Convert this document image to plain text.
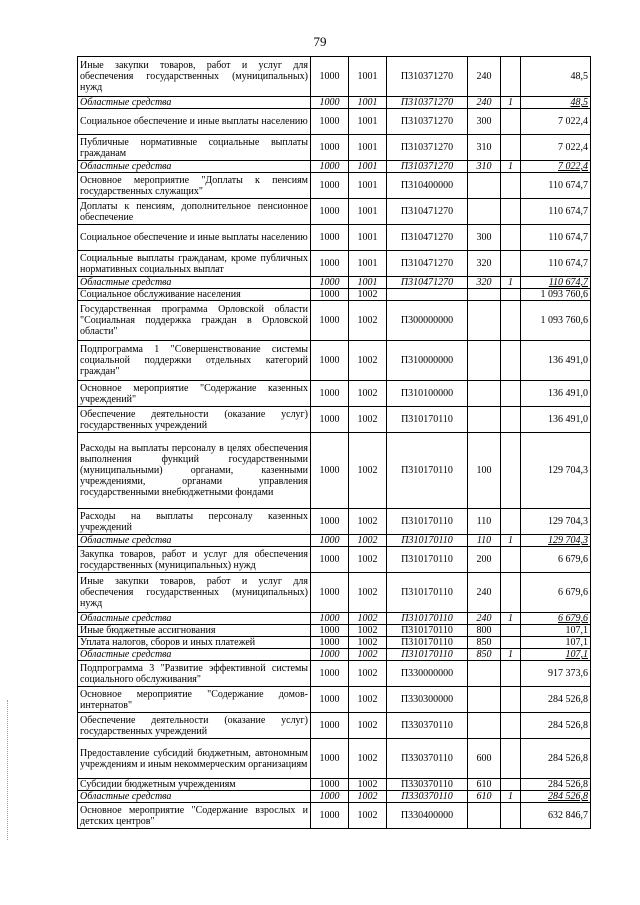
79
Иные закупки товаров, работ и услуг для обеспечения государственных (муниципальных) нужд	1000	1001	П310371270	240		48,5
Областные средства	1000	1001	П310371270	240	1	48,5
Социальное обеспечение и иные выплаты населению	1000	1001	П310371270	300		7 022,4
Публичные нормативные социальные выплаты гражданам	1000	1001	П310371270	310		7 022,4
Областные средства	1000	1001	П310371270	310	1	7 022,4
Основное мероприятие "Доплаты к пенсиям государственных служащих"	1000	1001	П310400000			110 674,7
Доплаты к пенсиям, дополнительное пенсионное обеспечение	1000	1001	П310471270			110 674,7
Социальное обеспечение и иные выплаты населению	1000	1001	П310471270	300		110 674,7
Социальные выплаты гражданам, кроме публичных нормативных социальных выплат	1000	1001	П310471270	320		110 674,7
Областные средства	1000	1001	П310471270	320	1	110 674,7
Социальное обслуживание населения	1000	1002				1 093 760,6
Государственная программа Орловской области "Социальная поддержка граждан в Орловской области"	1000	1002	П300000000			1 093 760,6
Подпрограмма 1 "Совершенствование системы социальной поддержки отдельных категорий граждан"	1000	1002	П310000000			136 491,0
Основное мероприятие "Содержание казенных учреждений"	1000	1002	П310100000			136 491,0
Обеспечение деятельности (оказание услуг) государственных учреждений	1000	1002	П310170110			136 491,0
Расходы на выплаты персоналу в целях обеспечения выполнения функций государственными (муниципальными) органами, казенными учреждениями, органами управления государственными внебюджетными фондами	1000	1002	П310170110	100		129 704,3
Расходы на выплаты персоналу казенных учреждений	1000	1002	П310170110	110		129 704,3
Областные средства	1000	1002	П310170110	110	1	129 704,3
Закупка товаров, работ и услуг для обеспечения государственных (муниципальных) нужд	1000	1002	П310170110	200		6 679,6
Иные закупки товаров, работ и услуг для обеспечения государственных (муниципальных) нужд	1000	1002	П310170110	240		6 679,6
Областные средства	1000	1002	П310170110	240	1	6 679,6
Иные бюджетные ассигнования	1000	1002	П310170110	800		107,1
Уплата налогов, сборов и иных платежей	1000	1002	П310170110	850		107,1
Областные средства	1000	1002	П310170110	850	1	107,1
Подпрограмма 3 "Развитие эффективной системы социального обслуживания"	1000	1002	П330000000			917 373,6
Основное мероприятие "Содержание домов-интернатов"	1000	1002	П330300000			284 526,8
Обеспечение деятельности (оказание услуг) государственных учреждений	1000	1002	П330370110			284 526,8
Предоставление субсидий бюджетным, автономным учреждениям и иным некоммерческим организациям	1000	1002	П330370110	600		284 526,8
Субсидии бюджетным учреждениям	1000	1002	П330370110	610		284 526,8
Областные средства	1000	1002	П330370110	610	1	284 526,8
Основное мероприятие "Содержание взрослых и детских центров"	1000	1002	П330400000			632 846,7
